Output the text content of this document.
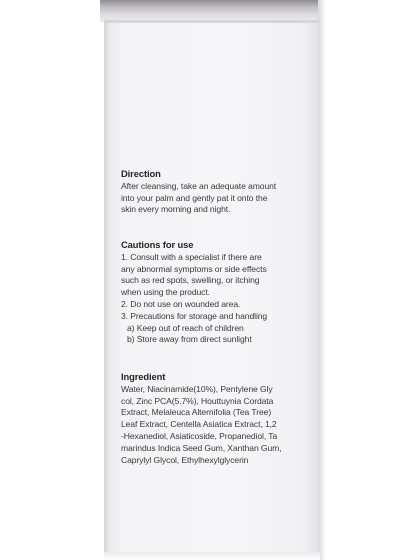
Direction
After cleansing, take an adequate amount
into your palm and gently pat it onto the
skin every morning and night.
Cautions for use
1. Consult with a specialist if there are
any abnormal symptoms or side effects
such as red spots, swelling, or itching
when using the product.
2. Do not use on wounded area.
3. Precautions for storage and handling
a) Keep out of reach of children
b) Store away from direct sunlight
Ingredient
Water, Niacinamide(10%), Pentylene Gly
col, Zinc PCA(5.7%), Houttuynia Cordata
Extract, Melaleuca Alternifolia (Tea Tree)
Leaf Extract, Centella Asiatica Extract, 1,2
-Hexanediol, Asiaticoside, Propanediol, Ta
marindus Indica Seed Gum, Xanthan Gum,
Caprylyl Glycol, Ethylhexylglycerin
